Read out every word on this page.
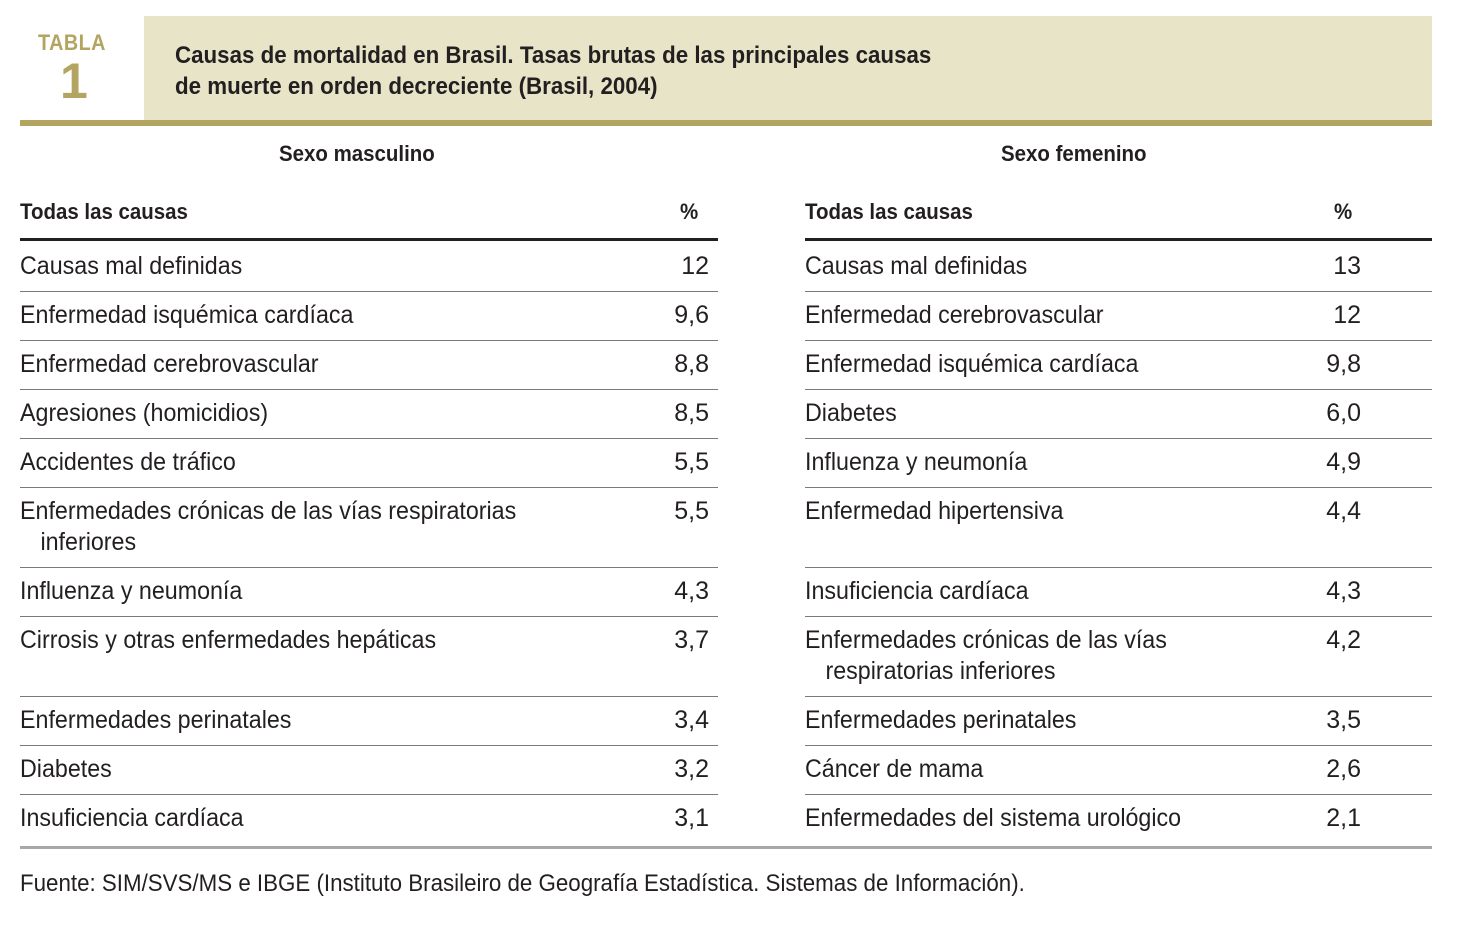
TABLA
1	Causas de mortalidad en Brasil. Tasas brutas de las principales causas
de muerte en orden decreciente (Brasil, 2004)
Sexo masculino	Sexo femenino
Todas las causas	%	Todas las causas	%
Causas mal definidas	12
Enfermedad isquémica cardíaca	9,6
Enfermedad cerebrovascular	8,8
Agresiones (homicidios)	8,5
Accidentes de tráfico	5,5
Enfermedades crónicas de las vías respiratorias
inferiores
5,5
Influenza y neumonía	4,3
Cirrosis y otras enfermedades hepáticas	3,7
Enfermedades perinatales	3,4
Diabetes	3,2
Insuficiencia cardíaca	3,1
Causas mal definidas	13
Enfermedad cerebrovascular	12
Enfermedad isquémica cardíaca	9,8
Diabetes	6,0
Influenza y neumonía	4,9
Enfermedad hipertensiva	4,4
Insuficiencia cardíaca	4,3
Enfermedades crónicas de las vías
respiratorias inferiores
4,2
Enfermedades perinatales	3,5
Cáncer de mama	2,6
Enfermedades del sistema urológico	2,1
Fuente: SIM/SVS/MS e IBGE (Instituto Brasileiro de Geografía Estadística. Sistemas de Información).
